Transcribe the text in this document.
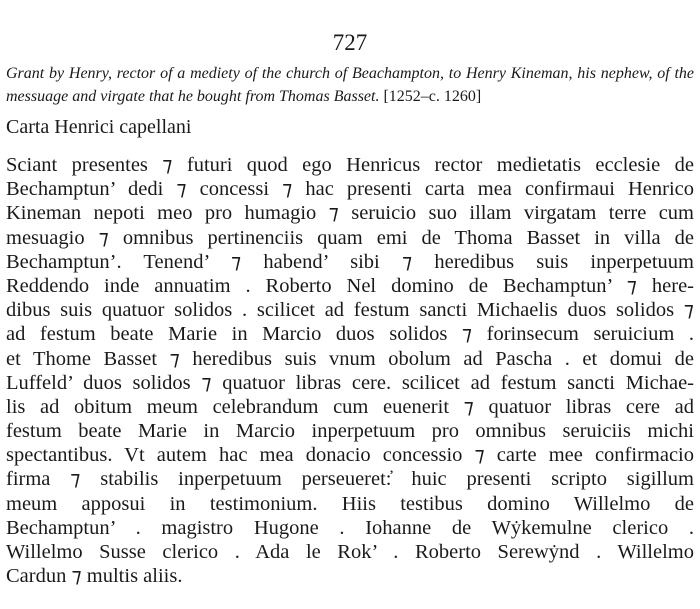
727
Grant by Henry, rector of a mediety of the church of Beachampton, to Henry Kineman, his nephew, of the messuage and virgate that he bought from Thomas Basset. [1252–c. 1260]
Carta Henrici capellani
Sciant presentes ⁊ futuri quod ego Henricus rector medietatis ecclesie de
Bechamptun’ dedi ⁊ concessi ⁊ hac presenti carta mea confirmaui Henrico
Kineman nepoti meo pro humagio ⁊ seruicio suo illam virgatam terre cum
mesuagio ⁊ omnibus pertinenciis quam emi de Thoma Basset in villa de
Bechamptun’. Tenend’ ⁊ habend’ sibi ⁊ heredibus suis inperpetuum
Reddendo inde annuatim . Roberto Nel domino de Bechamptun’ ⁊ here-
dibus suis quatuor solidos . scilicet ad festum sancti Michaelis duos solidos ⁊
ad festum beate Marie in Marcio duos solidos ⁊ forinsecum seruicium .
et Thome Basset ⁊ heredibus suis vnum obolum ad Pascha . et domui de
Luffeld’ duos solidos ⁊ quatuor libras cere. scilicet ad festum sancti Michae-
lis ad obitum meum celebrandum cum euenerit ⁊ quatuor libras cere ad
festum beate Marie in Marcio inperpetuum pro omnibus seruiciis michi
spectantibus. Vt autem hac mea donacio concessio ⁊ carte mee confirmacio
firma ⁊ stabilis inperpetuum perseueret:̓ huic presenti scripto sigillum
meum apposui in testimonium. Hiis testibus domino Willelmo de
Bechamptun’ . magistro Hugone . Iohanne de Wẏkemulne clerico .
Willelmo Susse clerico . Ada le Rok’ . Roberto Serewẏnd . Willelmo
Cardun ⁊ multis aliis.
